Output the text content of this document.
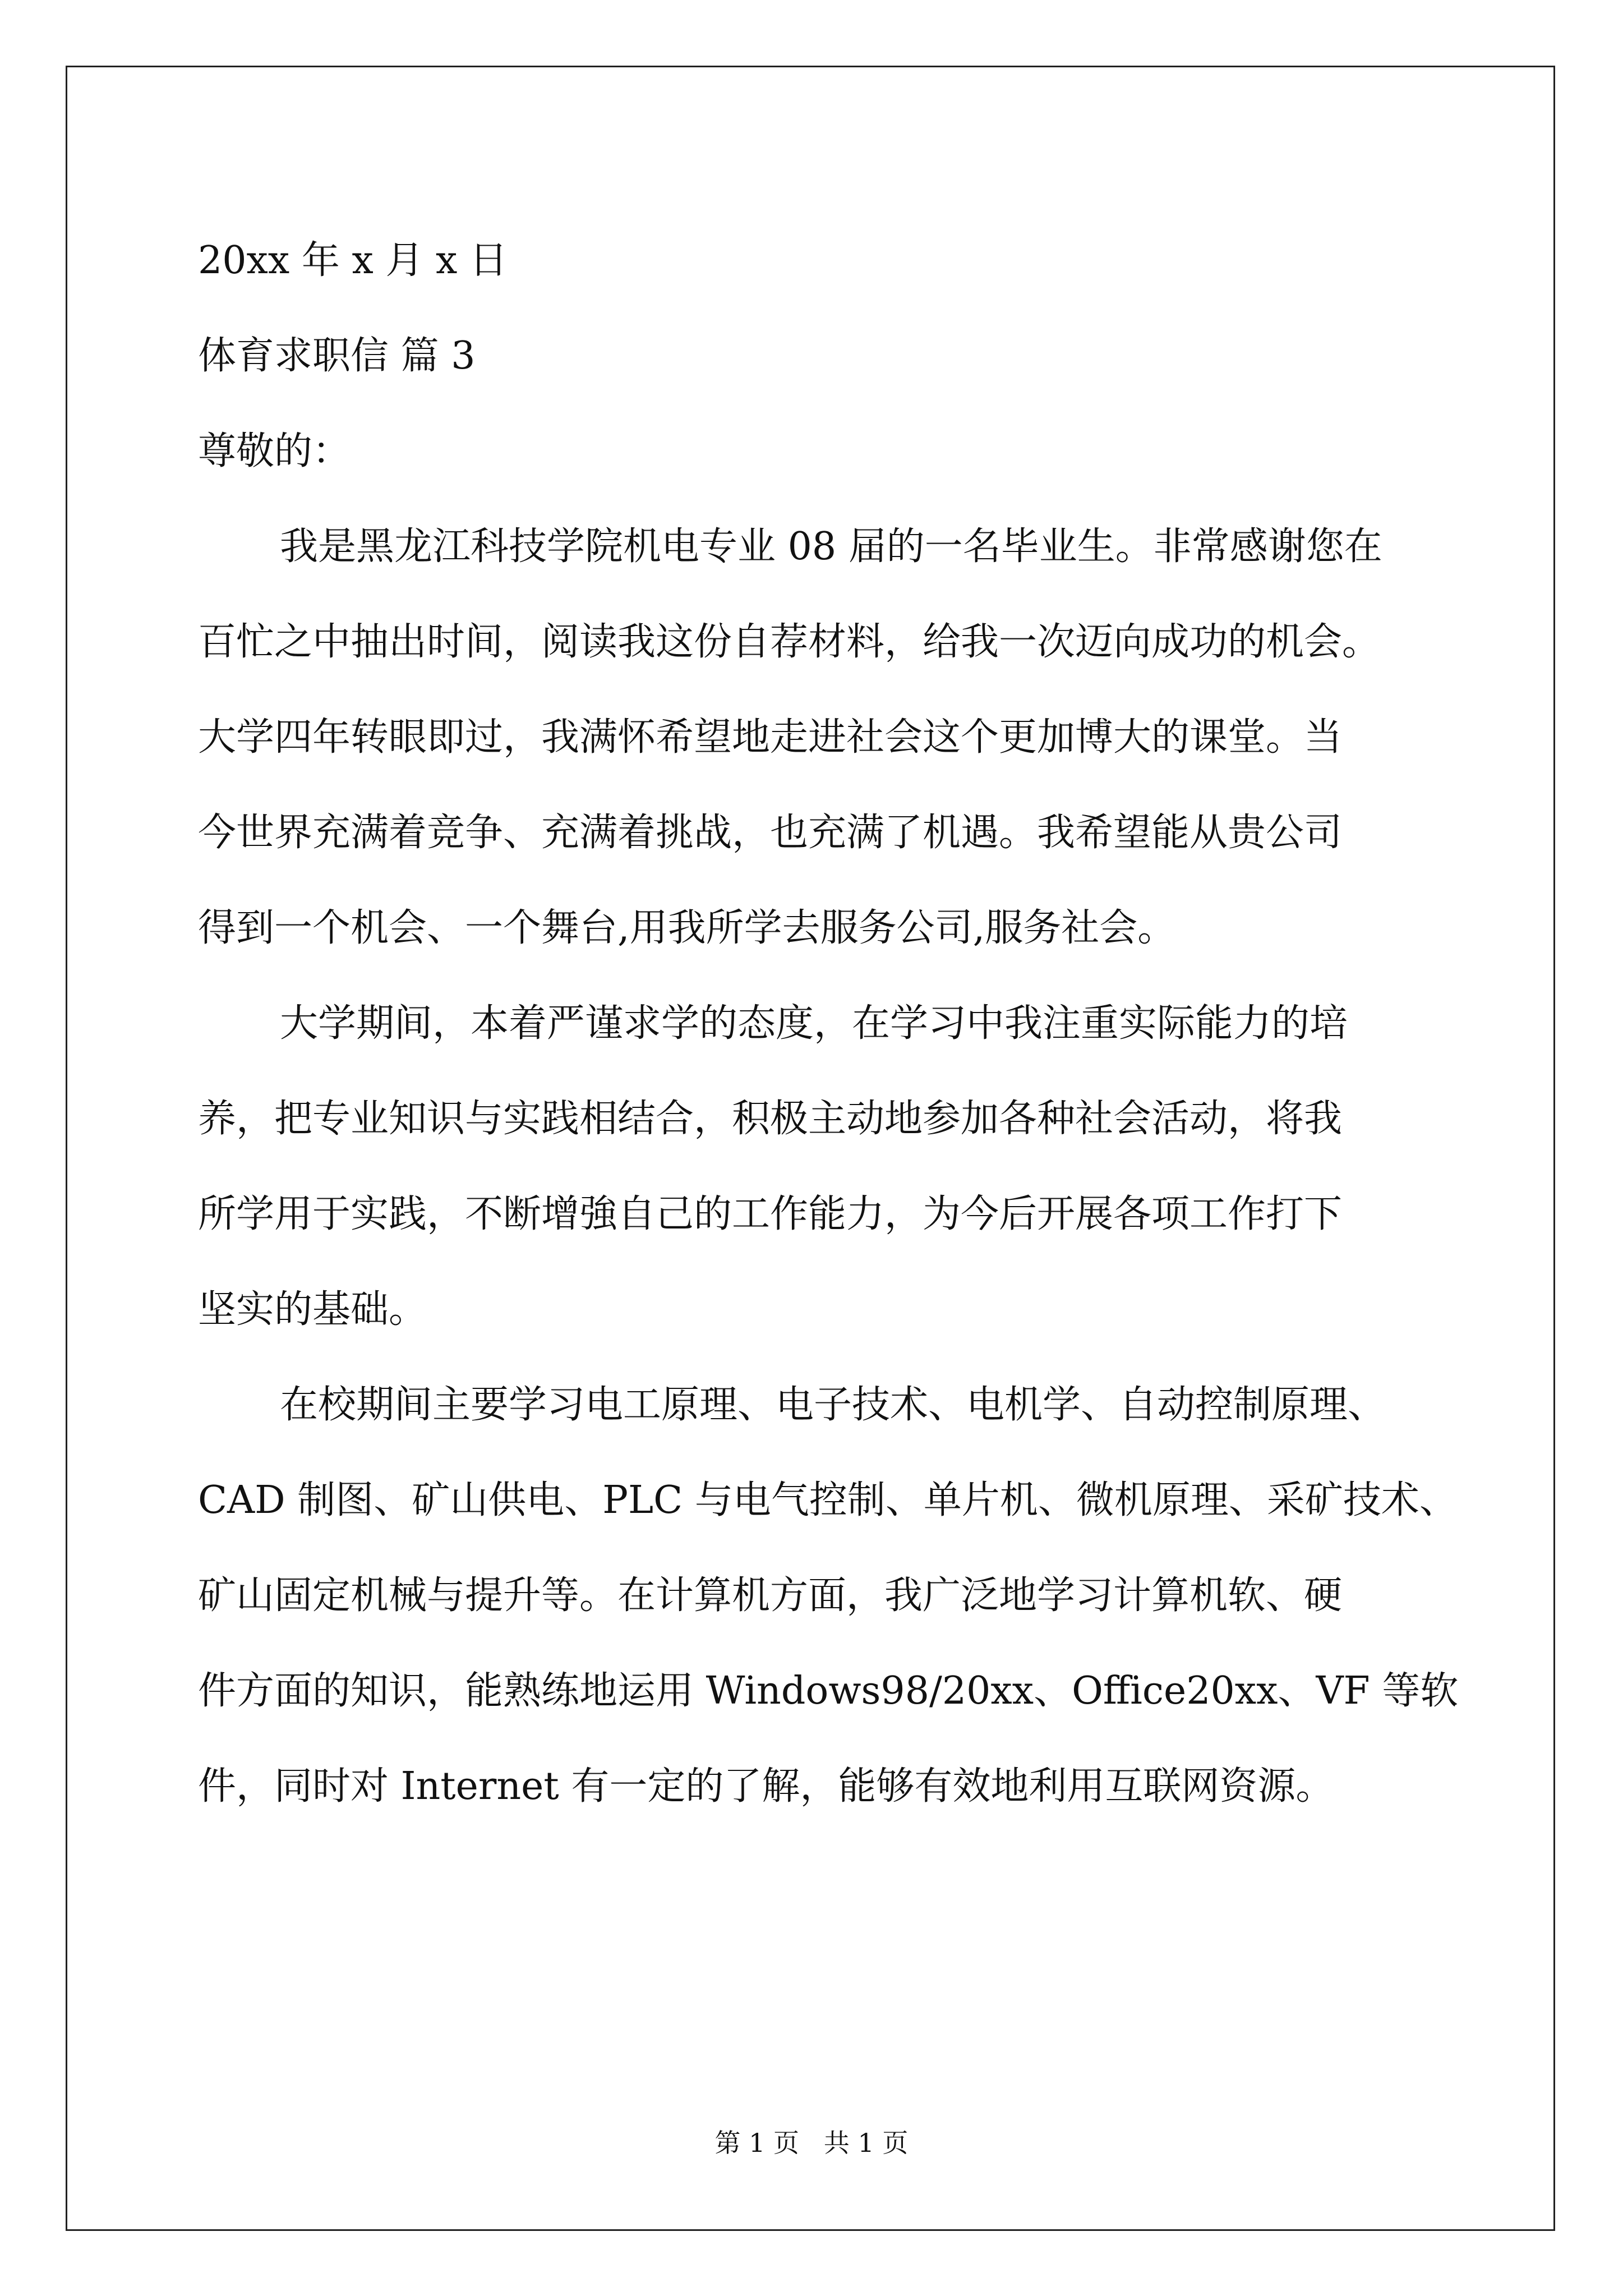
20xx 年 x 月 x 日
体育求职信 篇 3
尊敬的：
我是黑龙江科技学院机电专业 08 届的一名毕业生。非常感谢您在
百忙之中抽出时间，阅读我这份自荐材料，给我一次迈向成功的机会。
大学四年转眼即过，我满怀希望地走进社会这个更加博大的课堂。当
今世界充满着竞争、充满着挑战，也充满了机遇。我希望能从贵公司
得到一个机会、一个舞台,用我所学去服务公司,服务社会。
大学期间，本着严谨求学的态度，在学习中我注重实际能力的培
养，把专业知识与实践相结合，积极主动地参加各种社会活动，将我
所学用于实践，不断增強自己的工作能力，为今后开展各项工作打下
坚实的基础。
在校期间主要学习电工原理、电子技术、电机学、自动控制原理、
CAD 制图、矿山供电、PLC 与电气控制、单片机、微机原理、采矿技术、
矿山固定机械与提升等。在计算机方面，我广泛地学习计算机软、硬
件方面的知识，能熟练地运用 Windows98/20xx、Office20xx、VF 等软
件，同时对 Internet 有一定的了解，能够有效地利用互联网资源。
第 1 页   共 1 页
